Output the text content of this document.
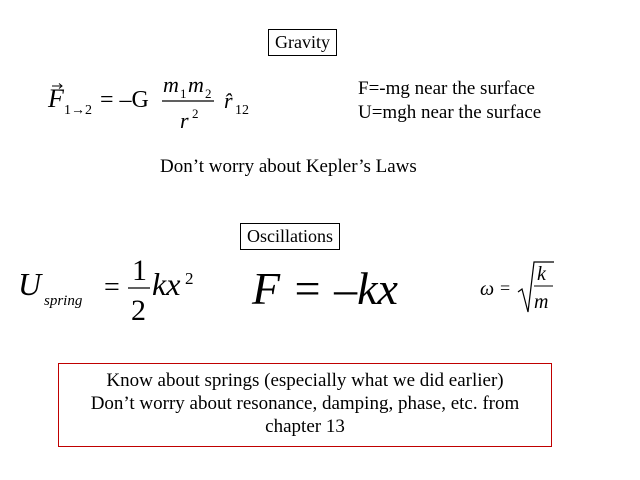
Gravity
F 1→2 = –G
m 1 m 2
r 2
r̂ 12
F=-mg near the surface
U=mgh near the surface
Don’t worry about Kepler’s Laws
Oscillations
U spring =
1
2
kx 2 F = –kx	ω =
k
m
Know about springs (especially what we did earlier)
Don’t worry about resonance, damping, phase, etc. from
chapter 13
